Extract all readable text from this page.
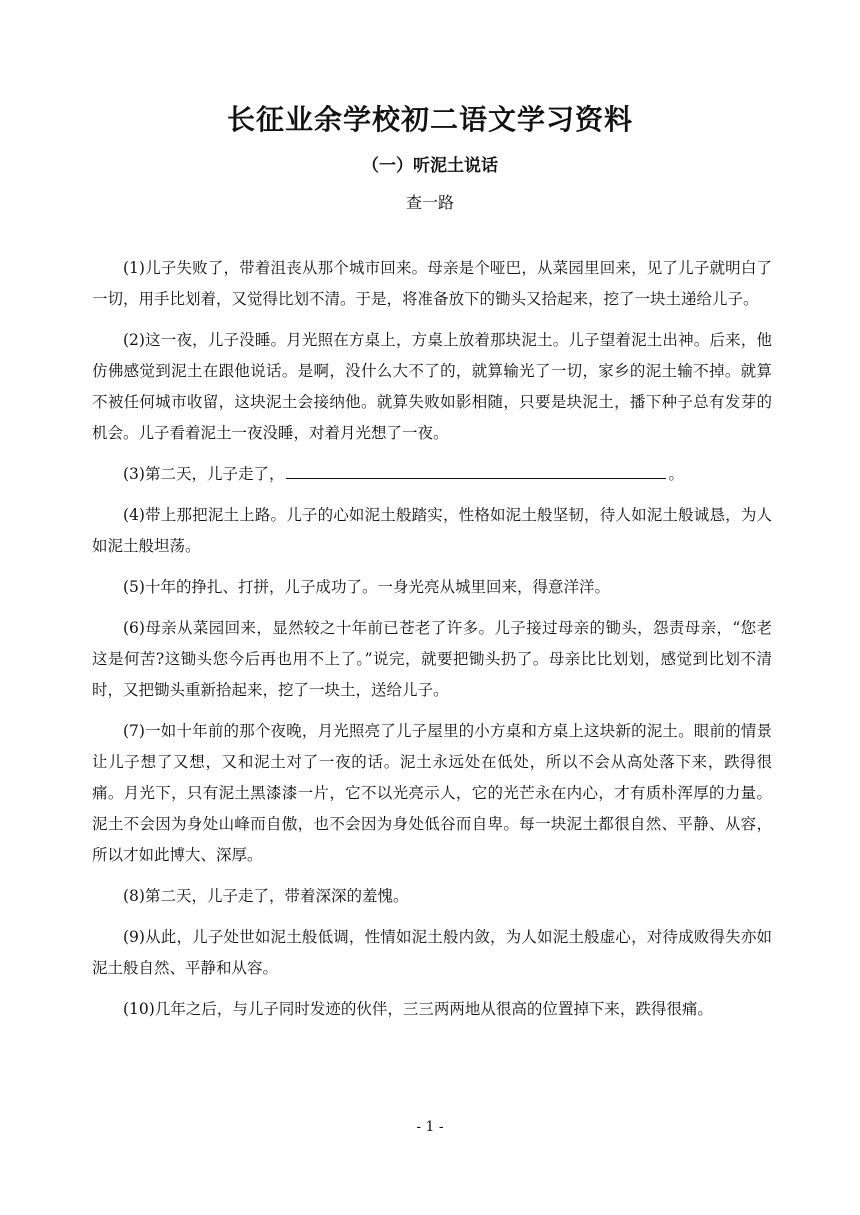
长征业余学校初二语文学习资料
（一）听泥土说话
查一路

(1)儿子失败了，带着沮丧从那个城市回来。母亲是个哑巴，从菜园里回来，见了儿子就明白了一切，用手比划着，又觉得比划不清。于是，将准备放下的锄头又拾起来，挖了一块土递给儿子。

(2)这一夜，儿子没睡。月光照在方桌上，方桌上放着那块泥土。儿子望着泥土出神。后来，他仿佛感觉到泥土在跟他说话。是啊，没什么大不了的，就算输光了一切，家乡的泥土输不掉。就算不被任何城市收留，这块泥土会接纳他。就算失败如影相随，只要是块泥土，播下种子总有发芽的机会。儿子看着泥土一夜没睡，对着月光想了一夜。

(3)第二天，儿子走了，	。

(4)带上那把泥土上路。儿子的心如泥土般踏实，性格如泥土般坚韧，待人如泥土般诚恳，为人如泥土般坦荡。

(5)十年的挣扎、打拼，儿子成功了。一身光亮从城里回来，得意洋洋。

(6)母亲从菜园回来，显然较之十年前已苍老了许多。儿子接过母亲的锄头，怨责母亲，“您老这是何苦?这锄头您今后再也用不上了。”说完，就要把锄头扔了。母亲比比划划，感觉到比划不清时，又把锄头重新拾起来，挖了一块土，送给儿子。

(7)一如十年前的那个夜晚，月光照亮了儿子屋里的小方桌和方桌上这块新的泥土。眼前的情景让儿子想了又想，又和泥土对了一夜的话。泥土永远处在低处，所以不会从高处落下来，跌得很痛。月光下，只有泥土黑漆漆一片，它不以光亮示人，它的光芒永在内心，才有质朴浑厚的力量。泥土不会因为身处山峰而自傲，也不会因为身处低谷而自卑。每一块泥土都很自然、平静、从容，所以才如此博大、深厚。

(8)第二天，儿子走了，带着深深的羞愧。

(9)从此，儿子处世如泥土般低调，性情如泥土般内敛，为人如泥土般虚心，对待成败得失亦如泥土般自然、平静和从容。

(10)几年之后，与儿子同时发迹的伙伴，三三两两地从很高的位置掉下来，跌得很痛。

- 1 -
